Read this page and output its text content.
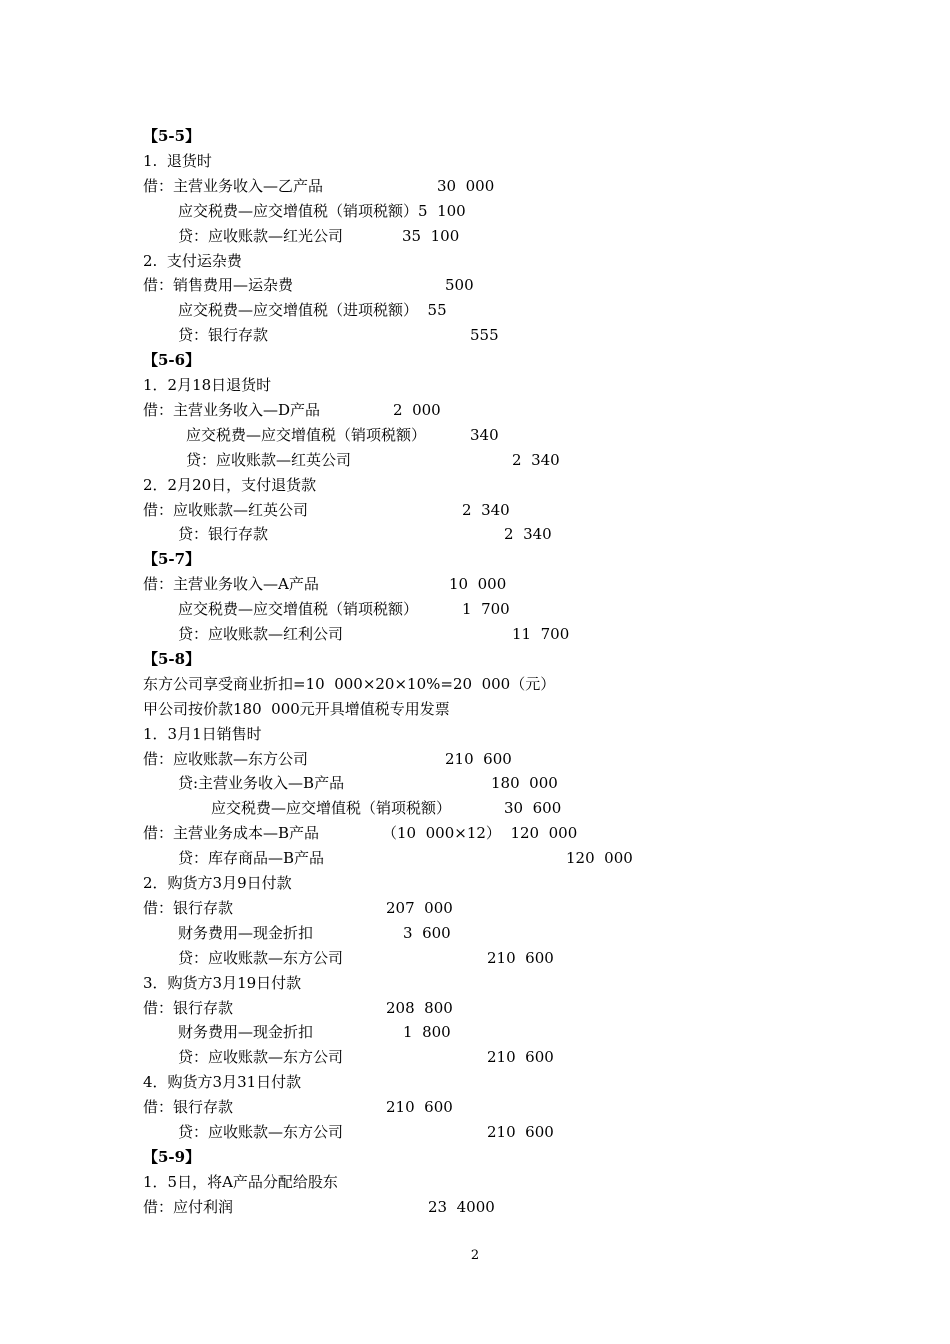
【5-5】
1.  退货时
借：主营业务收入—乙产品	30  000
应交税费—应交增值税（销项税额）5  100
贷：应收账款—红光公司	35  100
2.  支付运杂费
借：销售费用—运杂费	500
应交税费—应交增值税（进项税额）  55
贷：银行存款	555
【5-6】
1．2月18日退货时
借：主营业务收入—D产品	2  000
应交税费—应交增值税（销项税额）	340
贷：应收账款—红英公司	2  340
2．2月20日，支付退货款
借：应收账款—红英公司	2  340
贷：银行存款	2  340
【5-7】
借：主营业务收入—A产品	10  000
应交税费—应交增值税（销项税额）	1  700
贷：应收账款—红利公司	11  700
【5-8】
东方公司享受商业折扣=10  000×20×10%=20  000（元）
甲公司按价款180  000元开具增值税专用发票
1．3月1日销售时
借：应收账款—东方公司	210  600
贷:主营业务收入—B产品	180  000
应交税费—应交增值税（销项税额）	30  600
借：主营业务成本—B产品	（10  000×12）  120  000
贷：库存商品—B产品	120  000
2．购货方3月9日付款
借：银行存款	207  000
财务费用—现金折扣	3  600
贷：应收账款—东方公司	210  600
3．购货方3月19日付款
借：银行存款	208  800
财务费用—现金折扣	1  800
贷：应收账款—东方公司	210  600
4．购货方3月31日付款
借：银行存款	210  600
贷：应收账款—东方公司	210  600
【5-9】
1．5日，将A产品分配给股东
借：应付利润	23  4000
2
